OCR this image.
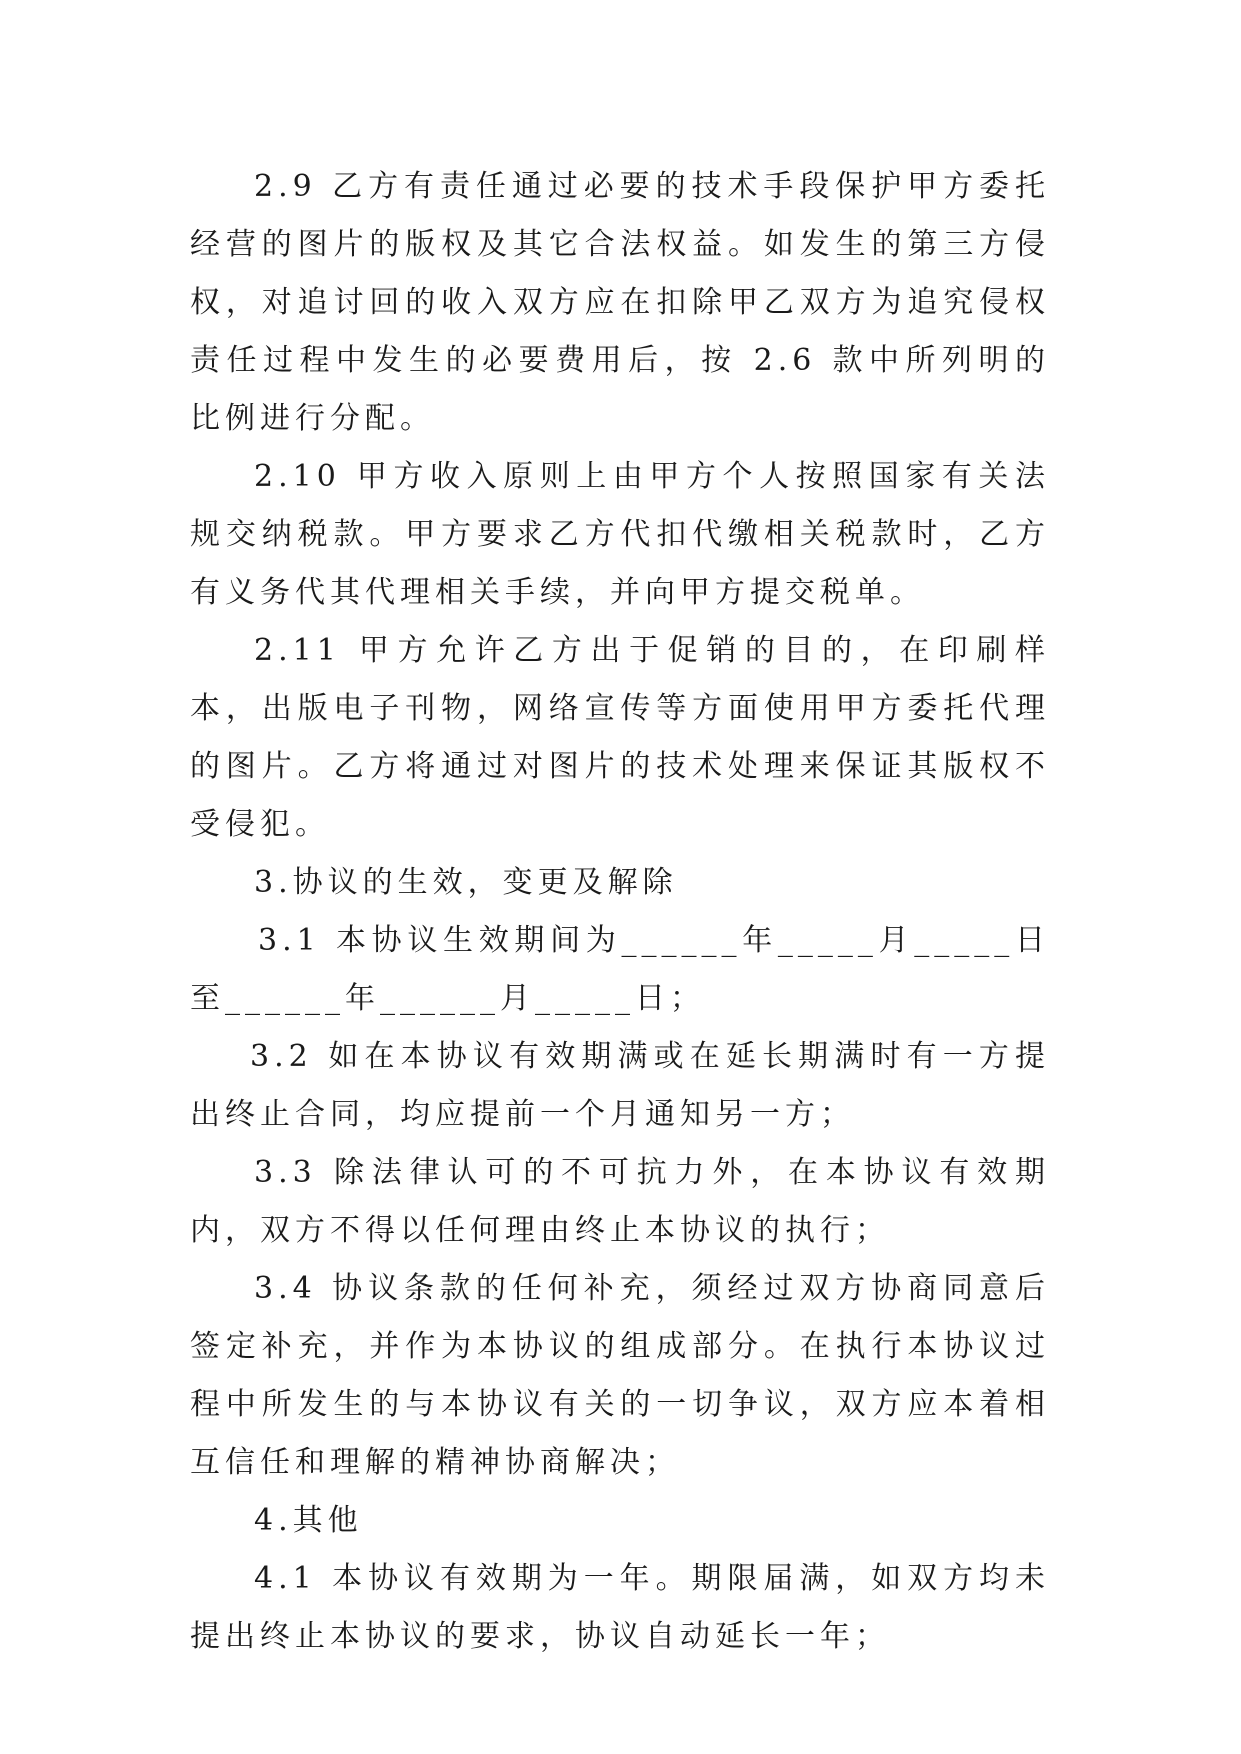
2.9 乙方有责任通过必要的技术手段保护甲方委托经营的图片的版权及其它合法权益。如发生的第三方侵权，对追讨回的收入双方应在扣除甲乙双方为追究侵权责任过程中发生的必要费用后，按 2.6 款中所列明的比例进行分配。

2.10 甲方收入原则上由甲方个人按照国家有关法规交纳税款。甲方要求乙方代扣代缴相关税款时，乙方有义务代其代理相关手续，并向甲方提交税单。

2.11 甲方允许乙方出于促销的目的，在印刷样本，出版电子刊物，网络宣传等方面使用甲方委托代理的图片。乙方将通过对图片的技术处理来保证其版权不受侵犯。

3.协议的生效，变更及解除

3.1 本协议生效期间为______年_____月_____日至______年______月_____日；

3.2 如在本协议有效期满或在延长期满时有一方提出终止合同，均应提前一个月通知另一方；

3.3 除法律认可的不可抗力外，在本协议有效期内，双方不得以任何理由终止本协议的执行；

3.4 协议条款的任何补充，须经过双方协商同意后签定补充，并作为本协议的组成部分。在执行本协议过程中所发生的与本协议有关的一切争议，双方应本着相互信任和理解的精神协商解决；

4.其他

4.1 本协议有效期为一年。期限届满，如双方均未提出终止本协议的要求，协议自动延长一年；
